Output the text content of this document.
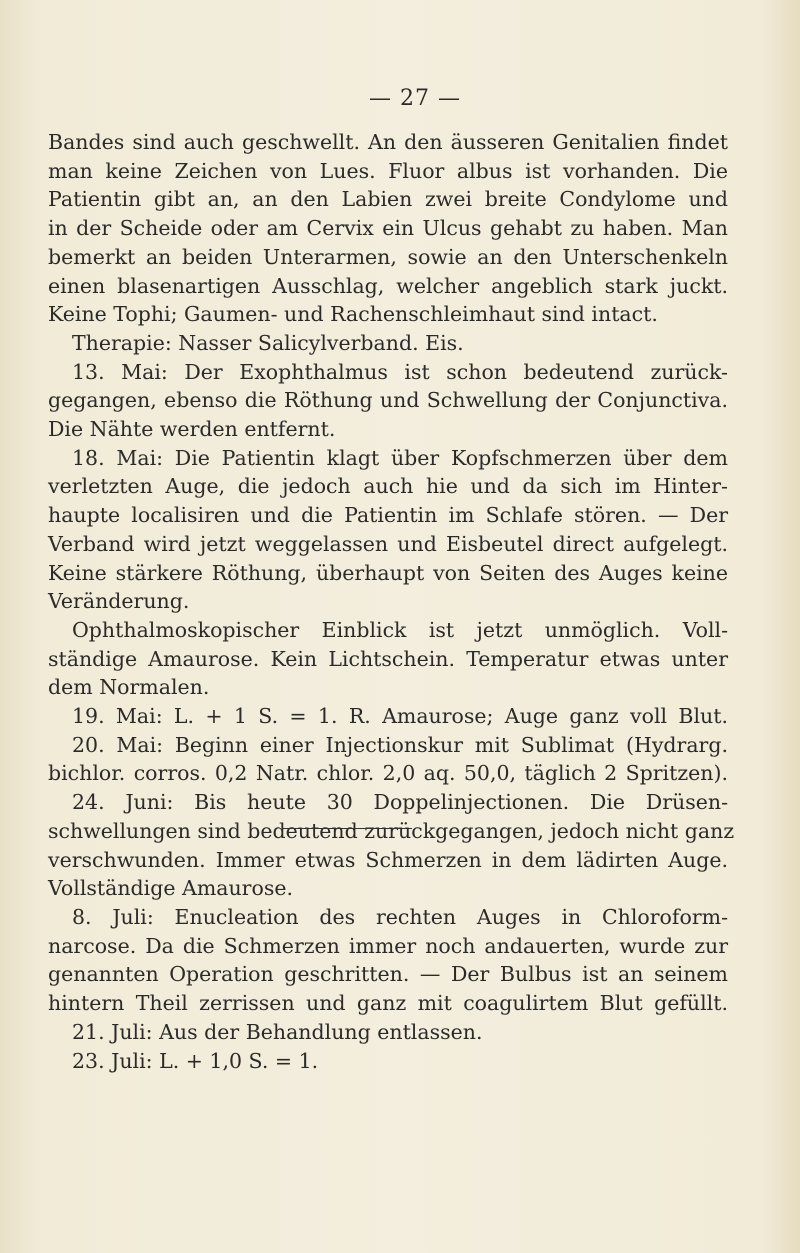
— 27 —
Bandes sind auch geschwellt. An den äusseren Genitalien findet
man keine Zeichen von Lues. Fluor albus ist vorhanden. Die
Patientin gibt an, an den Labien zwei breite Condylome und
in der Scheide oder am Cervix ein Ulcus gehabt zu haben. Man
bemerkt an beiden Unterarmen, sowie an den Unterschenkeln
einen blasenartigen Ausschlag, welcher angeblich stark juckt.
Keine Tophi; Gaumen- und Rachenschleimhaut sind intact.
Therapie: Nasser Salicylverband. Eis.
13. Mai: Der Exophthalmus ist schon bedeutend zurück-
gegangen, ebenso die Röthung und Schwellung der Conjunctiva.
Die Nähte werden entfernt.
18. Mai: Die Patientin klagt über Kopfschmerzen über dem
verletzten Auge, die jedoch auch hie und da sich im Hinter-
haupte localisiren und die Patientin im Schlafe stören. — Der
Verband wird jetzt weggelassen und Eisbeutel direct aufgelegt.
Keine stärkere Röthung, überhaupt von Seiten des Auges keine
Veränderung.
Ophthalmoskopischer Einblick ist jetzt unmöglich. Voll-
ständige Amaurose. Kein Lichtschein. Temperatur etwas unter
dem Normalen.
19. Mai: L. + 1 S. = 1. R. Amaurose; Auge ganz voll Blut.
20. Mai: Beginn einer Injectionskur mit Sublimat (Hydrarg.
bichlor. corros. 0,2 Natr. chlor. 2,0 aq. 50,0, täglich 2 Spritzen).
24. Juni: Bis heute 30 Doppelinjectionen. Die Drüsen-
schwellungen sind bedeutend zurückgegangen, jedoch nicht ganz
verschwunden. Immer etwas Schmerzen in dem lädirten Auge.
Vollständige Amaurose.
8. Juli: Enucleation des rechten Auges in Chloroform-
narcose. Da die Schmerzen immer noch andauerten, wurde zur
genannten Operation geschritten. — Der Bulbus ist an seinem
hintern Theil zerrissen und ganz mit coagulirtem Blut gefüllt.
21. Juli: Aus der Behandlung entlassen.
23. Juli: L. + 1,0 S. = 1.
